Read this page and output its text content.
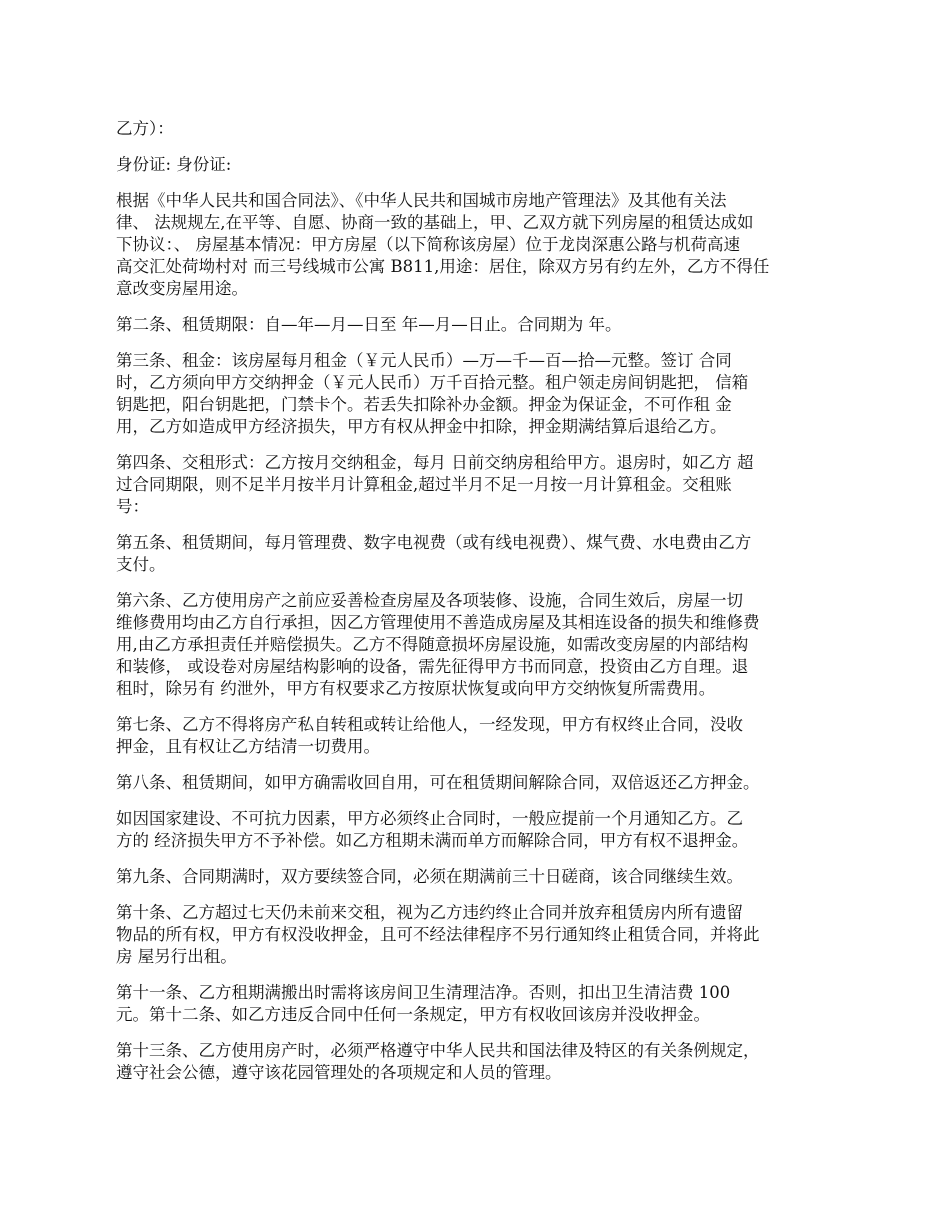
乙方）：

身份证: 身份证:

根据《中华人民共和国合同法》、《中华人民共和国城市房地产管理法》及其他有关法
律、 法规规左,在平等、自愿、协商一致的基础上，甲、乙双方就下列房屋的租赁达成如
下协议：、 房屋基本情况：甲方房屋（以下简称该房屋）位于龙岗深惠公路与机荷高速
高交汇处荷坳村对 而三号线城市公寓 B811,用途：居住，除双方另有约左外，乙方不得任
意改变房屋用途。

第二条、租赁期限：自—年—月—日至 年—月—日止。合同期为 年。

第三条、租金：该房屋每月租金（￥元人民币）—万—千—百—拾—元整。签订 合同
时，乙方须向甲方交纳押金（￥元人民币）万千百拾元整。租户领走房间钥匙把， 信箱
钥匙把，阳台钥匙把，门禁卡个。若丢失扣除补办金额。押金为保证金，不可作租 金
用，乙方如造成甲方经济损失，甲方有权从押金中扣除，押金期满结算后退给乙方。

第四条、交租形式：乙方按月交纳租金，每月 日前交纳房租给甲方。退房时，如乙方 超
过合同期限，则不足半月按半月计算租金,超过半月不足一月按一月计算租金。交租账
号：

第五条、租赁期间，每月管理费、数字电视费（或有线电视费）、煤气费、水电费由乙方
支付。

第六条、乙方使用房产之前应妥善检查房屋及各项装修、设施，合同生效后，房屋一切
维修费用均由乙方自行承担，因乙方管理使用不善造成房屋及其相连设备的损失和维修费
用,由乙方承担责任并赔偿损失。乙方不得随意损坏房屋设施，如需改变房屋的内部结构
和装修， 或设卷对房屋结构影响的设备，需先征得甲方书而同意，投资由乙方自理。退
租时，除另有 约泄外，甲方有权要求乙方按原状恢复或向甲方交纳恢复所需费用。

第七条、乙方不得将房产私自转租或转让给他人，一经发现，甲方有权终止合同，没收
押金，且有权让乙方结清一切费用。

第八条、租赁期间，如甲方确需收回自用，可在租赁期间解除合同，双倍返还乙方押金。

如因国家建设、不可抗力因素，甲方必须终止合同时，一般应提前一个月通知乙方。乙
方的 经济损失甲方不予补偿。如乙方租期未满而单方而解除合同，甲方有权不退押金。

第九条、合同期满时，双方要续签合同，必须在期满前三十日磋商，该合同继续生效。

第十条、乙方超过七天仍未前来交租，视为乙方违约终止合同并放弃租赁房内所有遗留
物品的所有权，甲方有权没收押金，且可不经法律程序不另行通知终止租赁合同，并将此
房 屋另行出租。

第十一条、乙方租期满搬出时需将该房间卫生清理洁净。否则，扣出卫生清洁费 100
元。第十二条、如乙方违反合同中任何一条规定，甲方有权收回该房并没收押金。

第十三条、乙方使用房产时，必须严格遵守中华人民共和国法律及特区的有关条例规定，
遵守社会公德，遵守该花园管理处的各项规定和人员的管理。
